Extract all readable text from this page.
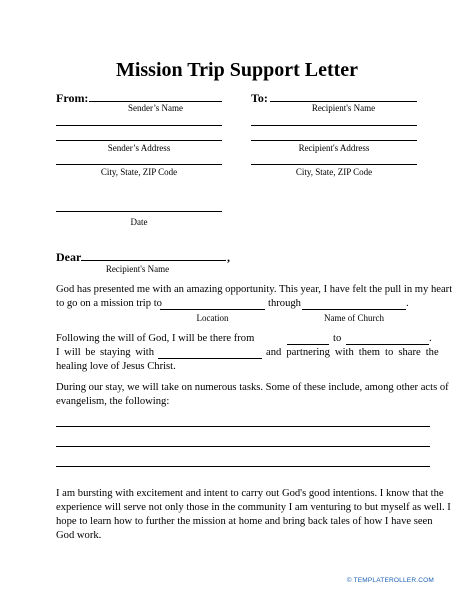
Mission Trip Support Letter
From:
Sender’s Name
To:
Recipient's Name
Sender’s Address	Recipient's Address
City, State, ZIP Code	City, State, ZIP Code
Date
Dear	,
Recipient's Name
God has presented me with an amazing opportunity. This year, I have felt the pull in my heart
to go on a mission trip to	through	.
Location	Name of Church
Following the will of God, I will be there from	to	.
I will be staying with	and partnering with them to share the
healing love of Jesus Christ.
During our stay, we will take on numerous tasks. Some of these include, among other acts of
evangelism, the following:
I am bursting with excitement and intent to carry out God's good intentions. I know that the
experience will serve not only those in the community I am venturing to but myself as well. I
hope to learn how to further the mission at home and bring back tales of how I have seen
God work.
© TEMPLATEROLLER.COM
